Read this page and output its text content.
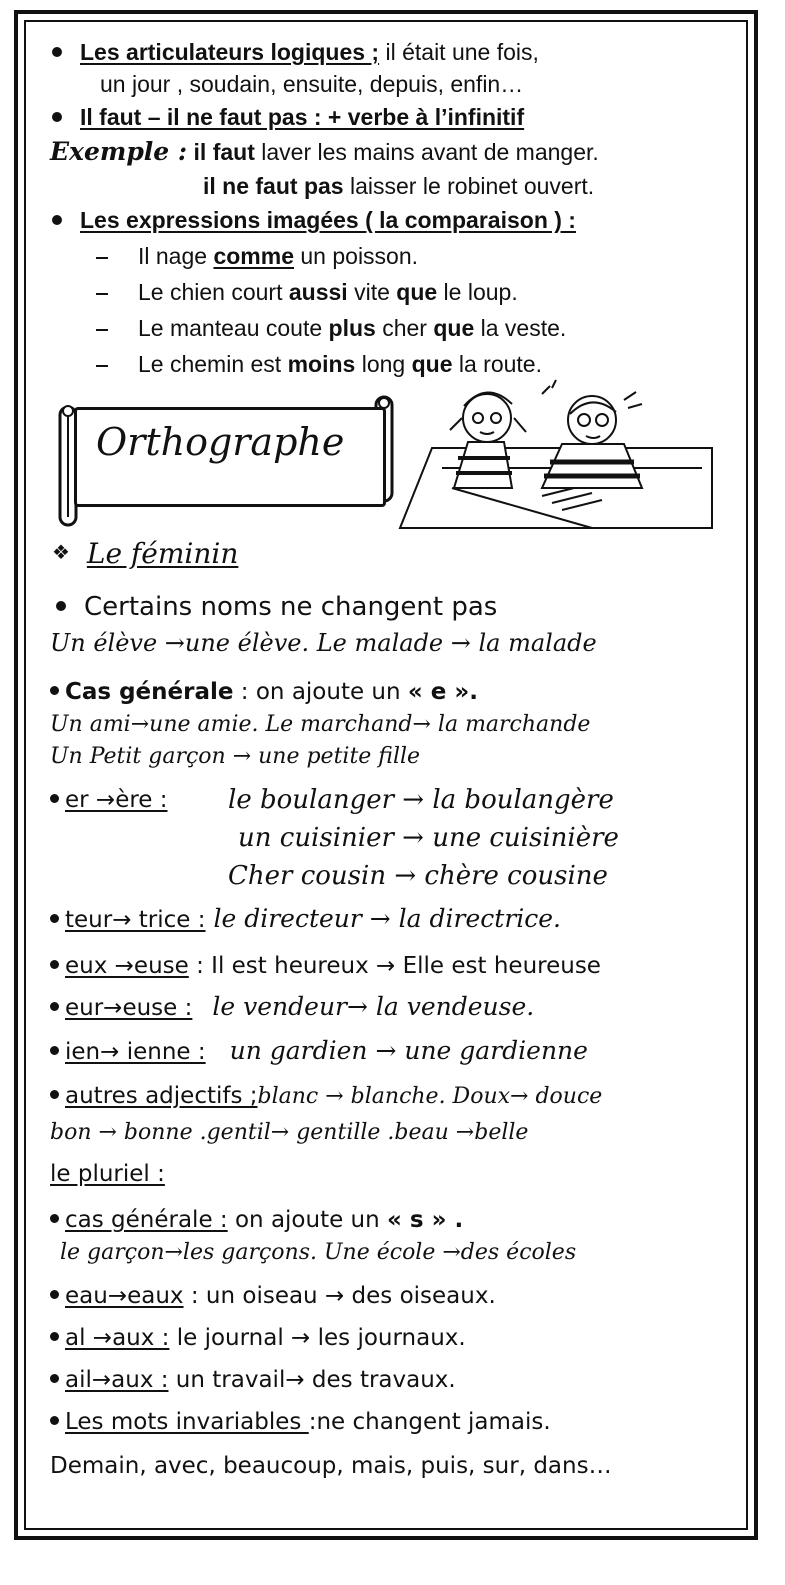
Les articulateurs logiques ; il était une fois,
un jour , soudain, ensuite, depuis, enfin…
Il faut – il ne faut pas : + verbe à l’infinitif
Exemple : il faut laver les mains avant de manger.
il ne faut pas laisser le robinet ouvert.
Les expressions imagées ( la comparaison ) :
Il nage comme un poisson.
Le chien court aussi vite que le loup.
Le manteau coute plus cher que la veste.
Le chemin est moins long que la route.
Orthographe
❖ Le féminin
Certains noms ne changent pas
Un élève →une élève. Le malade → la malade
Cas générale : on ajoute un « e ».
Un ami→une amie. Le marchand→ la marchande
Un Petit garçon → une petite fille
er →ère : le boulanger → la boulangère
un cuisinier → une cuisinière
Cher cousin → chère cousine
teur→ trice : le directeur → la directrice.
eux →euse : Il est heureux → Elle est heureuse
eur→euse : le vendeur→ la vendeuse.
ien→ ienne : un gardien → une gardienne
autres adjectifs ;blanc → blanche. Doux→ douce
bon → bonne .gentil→ gentille .beau →belle
le pluriel :
cas générale : on ajoute un « s » .
le garçon→les garçons. Une école →des écoles
eau→eaux : un oiseau → des oiseaux.
al →aux : le journal → les journaux.
ail→aux : un travail→ des travaux.
Les mots invariables :ne changent jamais.
Demain, avec, beaucoup, mais, puis, sur, dans…
